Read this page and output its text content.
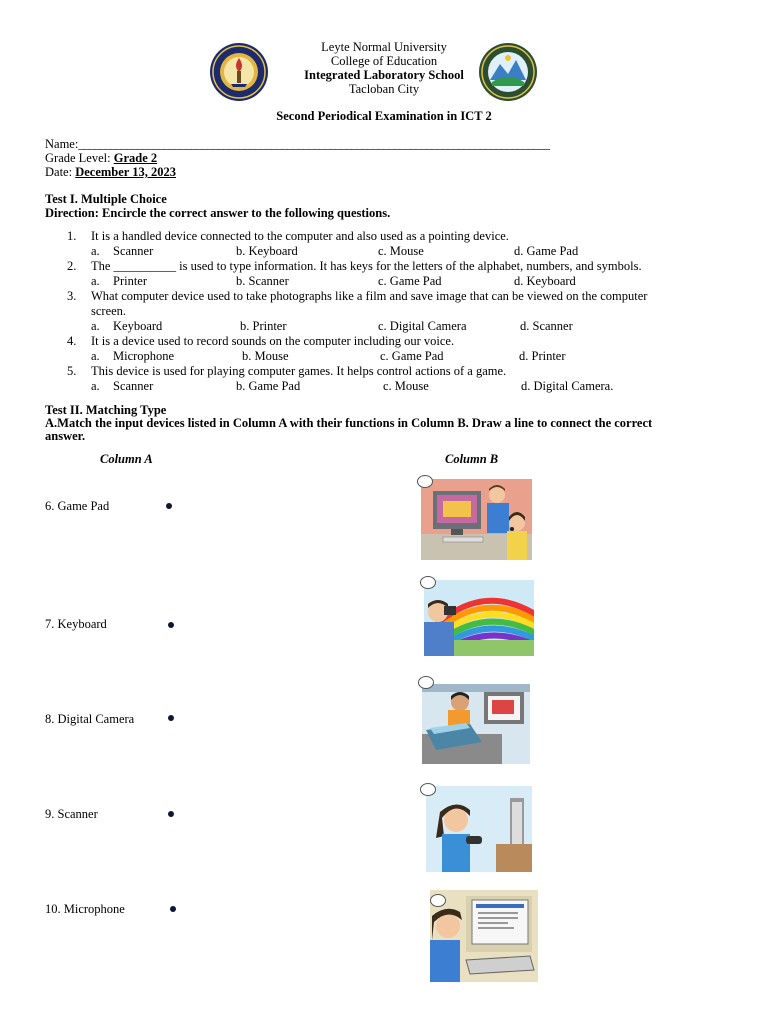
Leyte Normal University
College of Education
Integrated Laboratory School
Tacloban City
Second Periodical Examination in ICT 2
Name:________________________________________________________________________________________
Grade Level: Grade 2
Date: December 13, 2023
Test I. Multiple Choice
Direction: Encircle the correct answer to the following questions.
1. It is a handled device connected to the computer and also used as a pointing device.
a. Scanner	b. Keyboard	c. Mouse	d. Game Pad
2. The __________ is used to type information. It has keys for the letters of the alphabet, numbers, and symbols.
a. Printer	b. Scanner	c. Game Pad	d. Keyboard
3. What computer device used to take photographs like a film and save image that can be viewed on the computer
screen.
a. Keyboard	b. Printer	c. Digital Camera	d. Scanner
4. It is a device used to record sounds on the computer including our voice.
a. Microphone	b. Mouse	c. Game Pad	d. Printer
5. This device is used for playing computer games. It helps control actions of a game.
a. Scanner	b. Game Pad	c. Mouse	d. Digital Camera.
Test II. Matching Type
A.Match the input devices listed in Column A with their functions in Column B. Draw a line to connect the correct
answer.
Column A	Column B
6. Game Pad
7. Keyboard
8. Digital Camera
9. Scanner
10. Microphone
